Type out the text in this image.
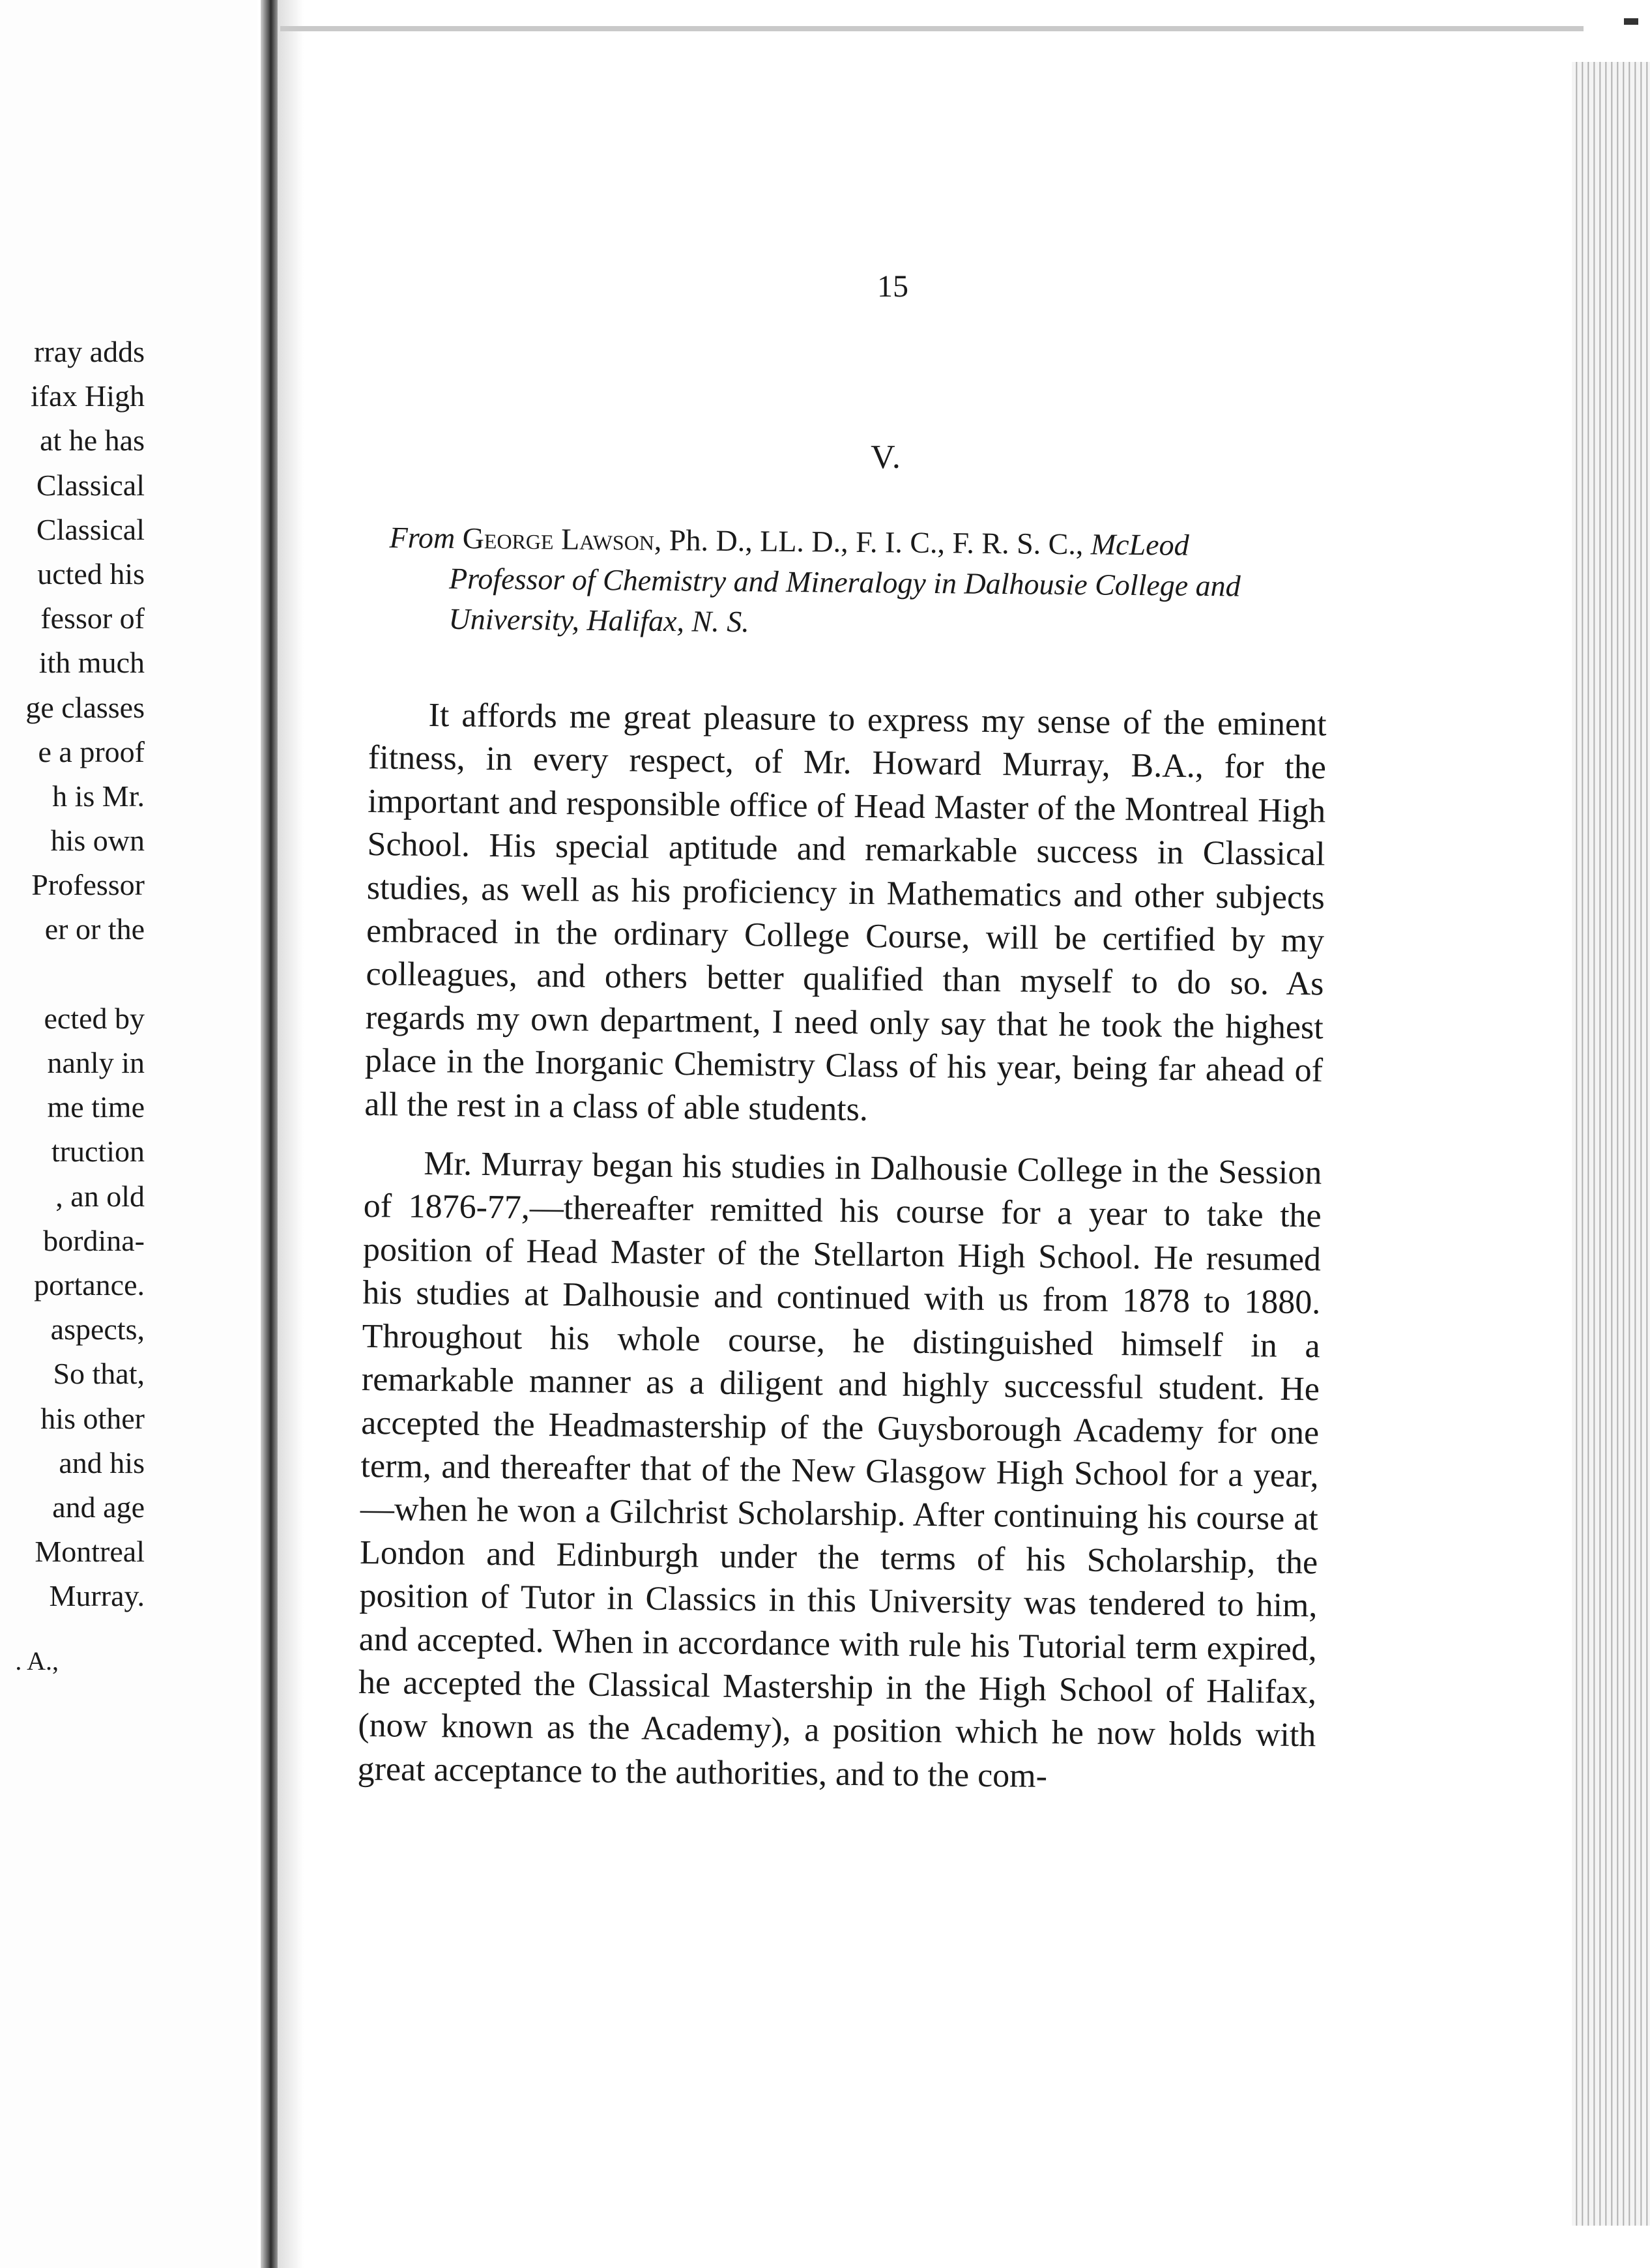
rray adds
ifax High
at he has
Classical
Classical
ucted his
fessor of
ith much
ge classes
e a proof
h is Mr.
his own
Professor
er or the
ected by
nanly in
me time
truction
, an old
bordina-
portance.
aspects,
So that,
his other
and his
and age
Montreal
Murray.
. A.,
15
V.
From George Lawson, Ph. D., LL. D., F. I. C., F. R. S. C., McLeod
Professor of Chemistry and Mineralogy in Dalhousie College and
University, Halifax, N. S.

It affords me great pleasure to express my sense of the eminent fitness, in every respect, of Mr. Howard Murray, B.A., for the important and responsible office of Head Master of the Montreal High School. His special aptitude and remarkable success in Classical studies, as well as his proficiency in Mathematics and other subjects embraced in the ordinary College Course, will be certified by my colleagues, and others better qualified than myself to do so. As regards my own department, I need only say that he took the highest place in the Inorganic Chemistry Class of his year, being far ahead of all the rest in a class of able students.

Mr. Murray began his studies in Dalhousie College in the Session of 1876-77,—thereafter remitted his course for a year to take the position of Head Master of the Stellarton High School. He resumed his studies at Dalhousie and continued with us from 1878 to 1880. Throughout his whole course, he distinguished himself in a remarkable manner as a diligent and highly successful student. He accepted the Headmastership of the Guysborough Academy for one term, and thereafter that of the New Glasgow High School for a year,—when he won a Gilchrist Scholarship. After continuing his course at London and Edinburgh under the terms of his Scholarship, the position of Tutor in Classics in this University was tendered to him, and accepted. When in accordance with rule his Tutorial term expired, he accepted the Classical Mastership in the High School of Halifax, (now known as the Academy), a position which he now holds with great acceptance to the authorities, and to the com-
